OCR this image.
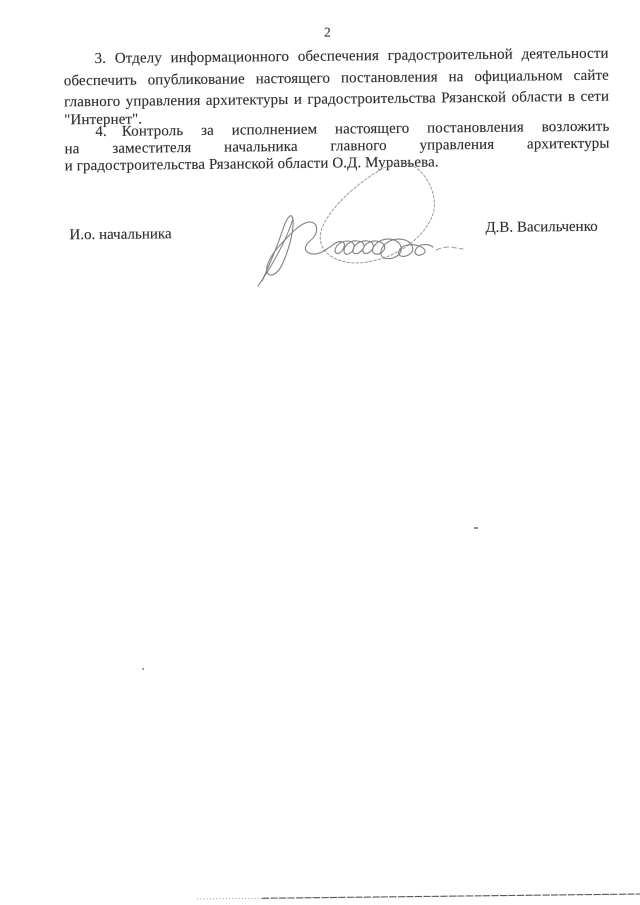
2
3. Отделу информационного обеспечения градостроительной деятельности
обеспечить опубликование настоящего постановления на официальном сайте
главного управления архитектуры и градостроительства Рязанской области в сети
"Интернет".
4. Контроль за исполнением настоящего постановления возложить
на заместителя начальника главного управления архитектуры
и градостроительства Рязанской области О.Д. Муравьева.
И.о. начальника	Д.В. Васильченко
